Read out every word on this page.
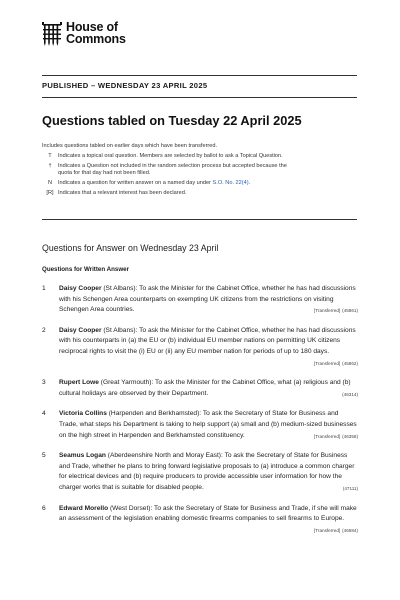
House of
Commons
PUBLISHED – WEDNESDAY 23 APRIL 2025
Questions tabled on Tuesday 22 April 2025
Includes questions tabled on earlier days which have been transferred.
T	Indicates a topical oral question. Members are selected by ballot to ask a Topical Question.
†	Indicates a Question not included in the random selection process but accepted because the quota for that day had not been filled.
N	Indicates a question for written answer on a named day under S.O. No. 22(4).
[R] Indicates that a relevant interest has been declared.
Questions for Answer on Wednesday 23 April
Questions for Written Answer
1	Daisy Cooper (St Albans): To ask the Minister for the Cabinet Office, whether he has had discussions with his Schengen Area counterparts on exempting UK citizens from the restrictions on visiting Schengen Area countries.	[Transferred] (45861)
2	Daisy Cooper (St Albans): To ask the Minister for the Cabinet Office, whether he has had discussions with his counterparts in (a) the EU or (b) individual EU member nations on permitting UK citizens reciprocal rights to visit the (i) EU or (ii) any EU member nation for periods of up to 180 days.
[Transferred] (45862)
3	Rupert Lowe (Great Yarmouth): To ask the Minister for the Cabinet Office, what (a) religious and (b) cultural holidays are observed by their Department.	(46314)
4	Victoria Collins (Harpenden and Berkhamsted): To ask the Secretary of State for Business and Trade, what steps his Department is taking to help support (a) small and (b) medium-sized businesses on the high street in Harpenden and Berkhamsted constituency.	[Transferred] (46358)
5	Seamus Logan (Aberdeenshire North and Moray East): To ask the Secretary of State for Business and Trade, whether he plans to bring forward legislative proposals to (a) introduce a common charger for electrical devices and (b) require producers to provide accessible user information for how the charger works that is suitable for disabled people.	(47111)
6	Edward Morello (West Dorset): To ask the Secretary of State for Business and Trade, if she will make an assessment of the legislation enabling domestic firearms companies to sell firearms to Europe.
[Transferred] (46584)
